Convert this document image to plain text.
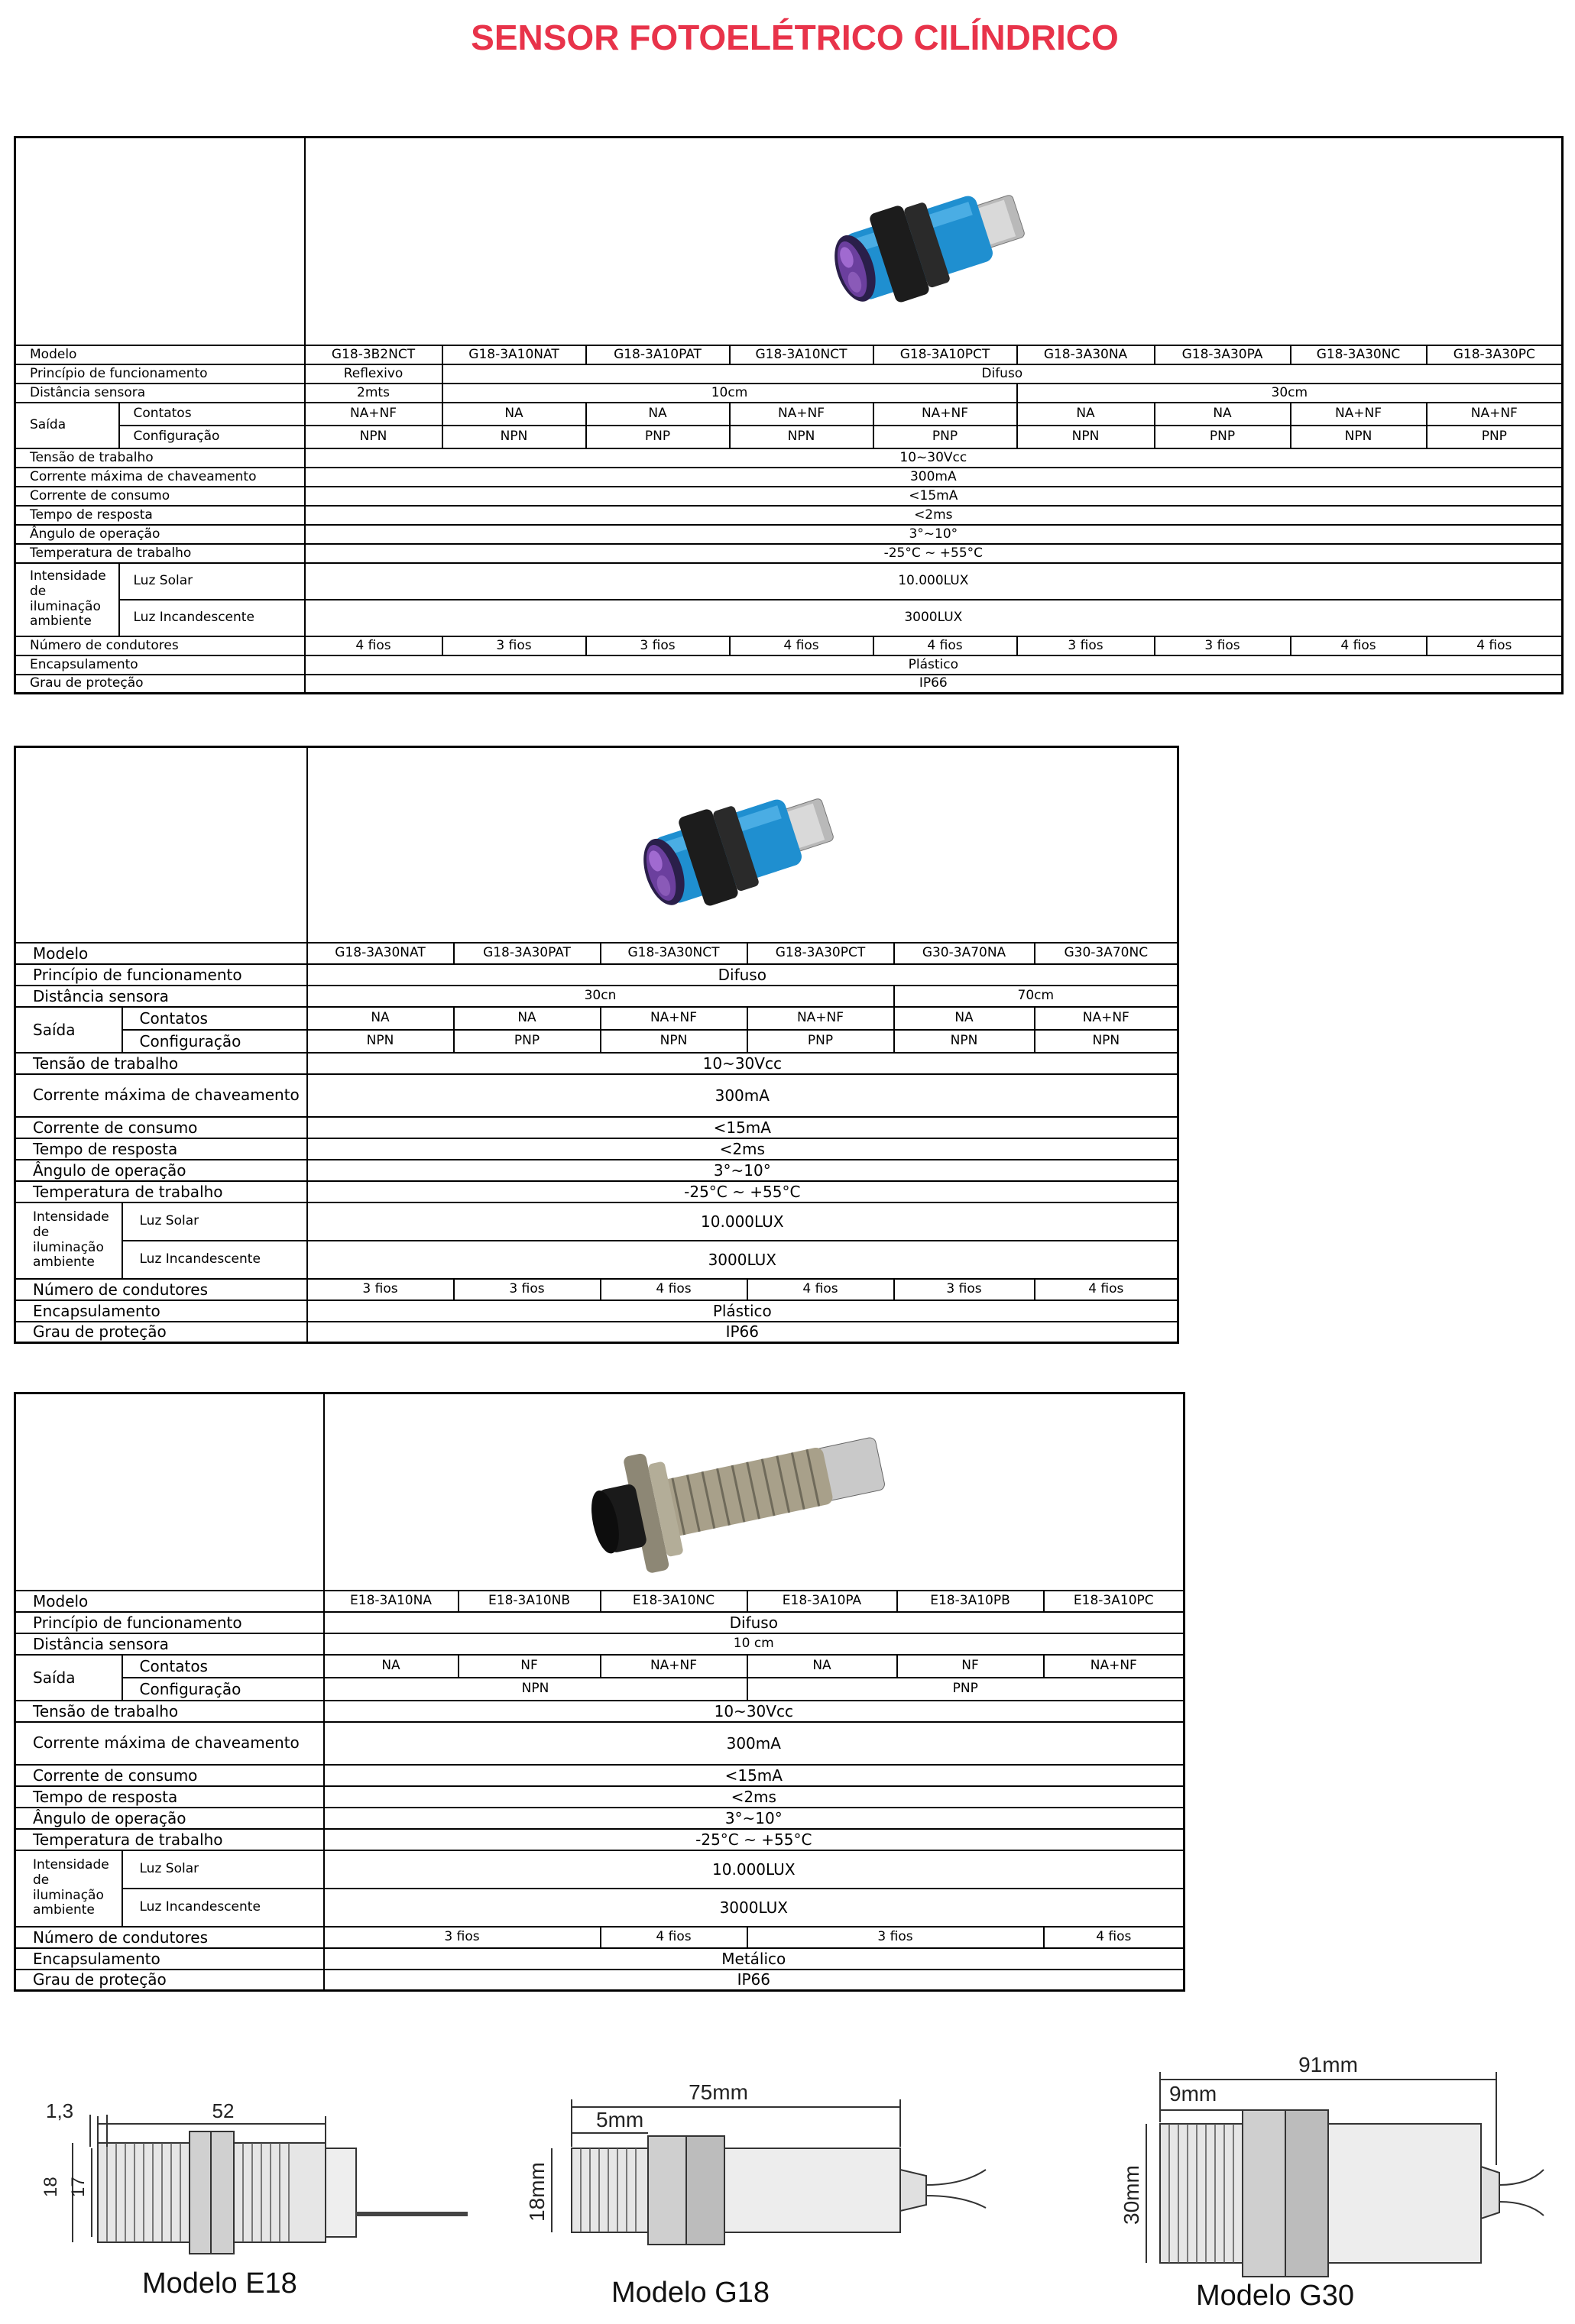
SENSOR FOTOELÉTRICO CILÍNDRICO

Modelo		G18-3B2NCT	G18-3A10NAT	G18-3A10PAT	G18-3A10NCT	G18-3A10PCT	G18-3A30NA	G18-3A30PA	G18-3A30NC	G18-3A30PC
Princípio de funcionamento		Reflexivo	Difuso							
Distância sensora		2mts	10cm				30cm			
Saída	Contatos	NA+NF	NA	NA	NA+NF	NA+NF	NA	NA	NA+NF	NA+NF
	Configuração	NPN	NPN	PNP	NPN	PNP	NPN	PNP	NPN	PNP
Tensão de trabalho		10~30Vcc								
Corrente máxima de chaveamento		300mA								
Corrente de consumo		<15mA								
Tempo de resposta		<2ms								
Ângulo de operação		3°~10°								
Temperatura de trabalho		-25°C ~ +55°C								
Intensidade de iluminação ambiente	Luz Solar	10.000LUX								
	Luz Incandescente	3000LUX								
Número de condutores		4 fios	3 fios	3 fios	4 fios	4 fios	3 fios	3 fios	4 fios	4 fios
Encapsulamento		Plástico								
Grau de proteção		IP66								

Modelo		G18-3A30NAT	G18-3A30PAT	G18-3A30NCT	G18-3A30PCT	G30-3A70NA	G30-3A70NC
Princípio de funcionamento		Difuso					
Distância sensora		30cn				70cm	
Saída	Contatos	NA	NA	NA+NF	NA+NF	NA	NA+NF
	Configuração	NPN	PNP	NPN	PNP	NPN	NPN
Tensão de trabalho		10~30Vcc					
Corrente máxima de chaveamento		300mA					
Corrente de consumo		<15mA					
Tempo de resposta		<2ms					
Ângulo de operação		3°~10°					
Temperatura de trabalho		-25°C ~ +55°C					
Intensidade de iluminação ambiente	Luz Solar	10.000LUX					
	Luz Incandescente	3000LUX					
Número de condutores		3 fios	3 fios	4 fios	4 fios	3 fios	4 fios
Encapsulamento		Plástico					
Grau de proteção		IP66					

Modelo		E18-3A10NA	E18-3A10NB	E18-3A10NC	E18-3A10PA	E18-3A10PB	E18-3A10PC
Princípio de funcionamento		Difuso					
Distância sensora		10 cm					
Saída	Contatos	NA	NF	NA+NF	NA	NF	NA+NF
	Configuração	NPN			PNP		
Tensão de trabalho		10~30Vcc					
Corrente máxima de chaveamento		300mA					
Corrente de consumo		<15mA					
Tempo de resposta		<2ms					
Ângulo de operação		3°~10°					
Temperatura de trabalho		-25°C ~ +55°C					
Intensidade de iluminação ambiente	Luz Solar	10.000LUX					
	Luz Incandescente	3000LUX					
Número de condutores		3 fios		4 fios	3 fios		4 fios
Encapsulamento		Metálico					
Grau de proteção		IP66					
52
1,3
18 17
75mm
5mm
18mm
91mm
9mm
30mm
Modelo E18	Modelo G18	Modelo G30
